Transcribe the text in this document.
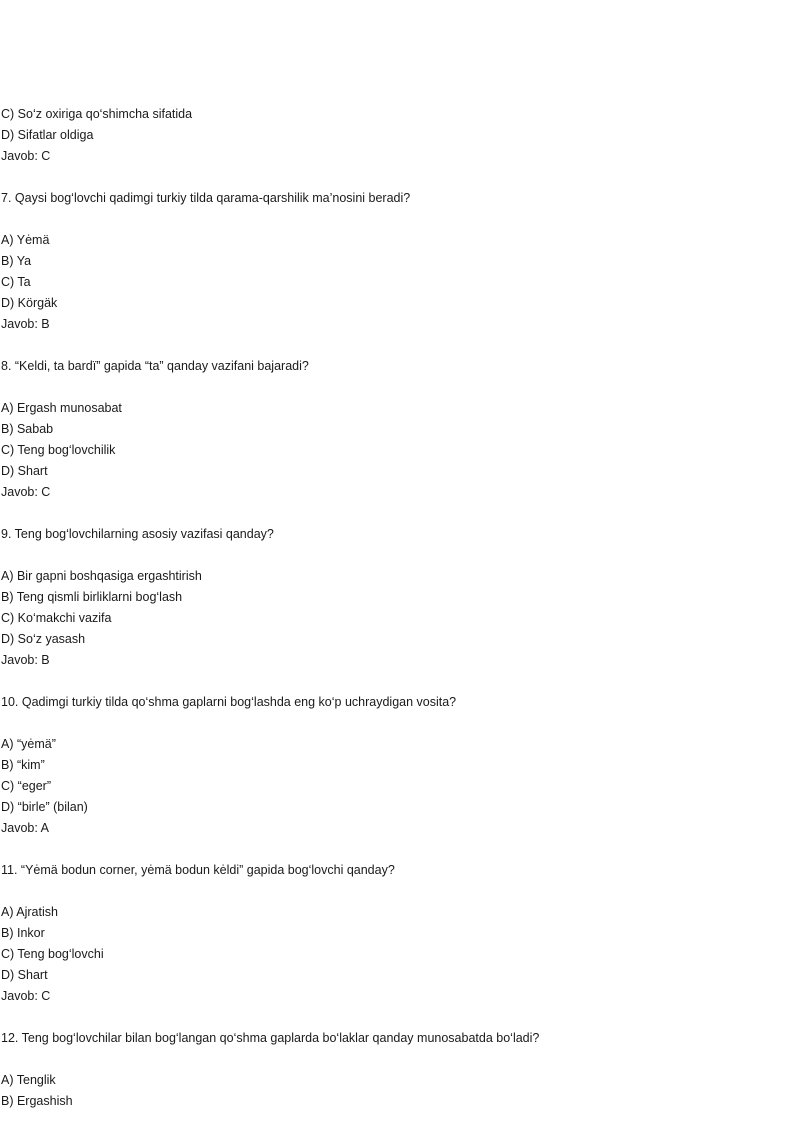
C) So‘z oxiriga qo‘shimcha sifatida
D) Sifatlar oldiga
Javob: C
7. Qaysi bog‘lovchi qadimgi turkiy tilda qarama-qarshilik ma’nosini beradi?
A) Yėmä
B) Ya
C) Ta
D) Körgäk
Javob: B
8. “Keldi, ta bardï” gapida “ta” qanday vazifani bajaradi?
A) Ergash munosabat
B) Sabab
C) Teng bog‘lovchilik
D) Shart
Javob: C
9. Teng bog‘lovchilarning asosiy vazifasi qanday?
A) Bir gapni boshqasiga ergashtirish
B) Teng qismli birliklarni bog‘lash
C) Ko‘makchi vazifa
D) So‘z yasash
Javob: B
10. Qadimgi turkiy tilda qo‘shma gaplarni bog‘lashda eng ko‘p uchraydigan vosita?
A) “yėmä”
B) “kim”
C) “eger”
D) “birle” (bilan)
Javob: A
11. “Yėmä bodun corner, yėmä bodun kėldi” gapida bog‘lovchi qanday?
A) Ajratish
B) Inkor
C) Teng bog‘lovchi
D) Shart
Javob: C
12. Teng bog‘lovchilar bilan bog‘langan qo‘shma gaplarda bo‘laklar qanday munosabatda bo‘ladi?
A) Tenglik
B) Ergashish
